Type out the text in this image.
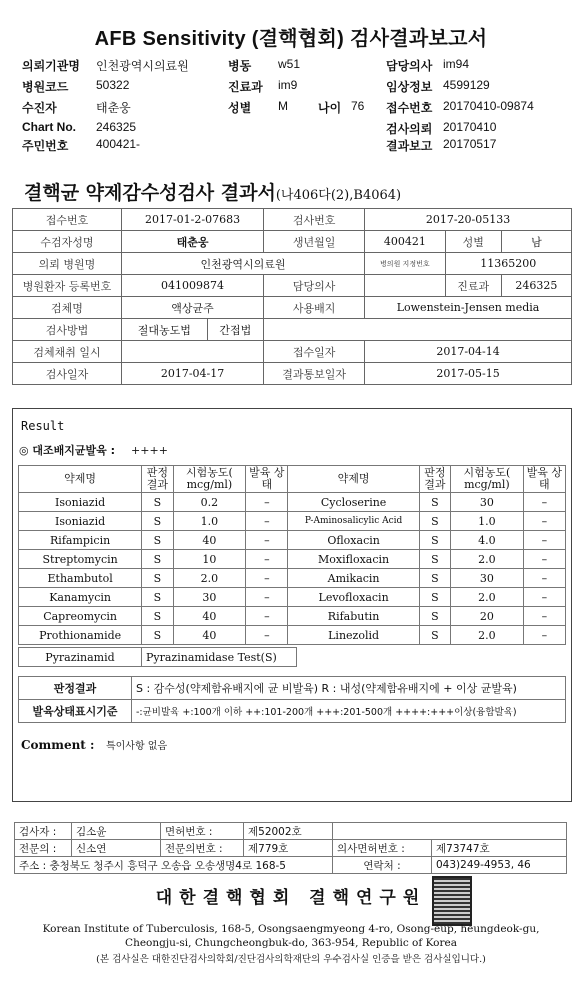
AFB Sensitivity (결핵협회) 검사결과보고서
의뢰기관명 인천광역시의료원
병원코드 50322
수진자	태춘웅
Chart No. 246325
주민번호 400421-
병동 w51
진료과 im9
성별 M	나이 76
담당의사 im94
임상정보 4599129
접수번호 20170410-09874
검사의뢰 20170410
결과보고 20170517
결핵균 약제감수성검사 결과서(나406다(2),B4064)
접수번호	2017-01-2-07683		검사번호	2017-20-05133		
수검자성명	태춘웅		생년월일	400421	성별	남
의뢰 병원명	인천광역시의료원			병의원 지정번호	11365200	
병원환자 등록번호	041009874		담당의사		진료과	246325
검체명	액상균주		사용배지	Lowenstein-Jensen media		
검사방법	절대농도법	간접법				
검체채취 일시			접수일자	2017-04-14		
검사일자	2017-04-17		결과통보일자	2017-05-15		
Result
◎ 대조배지균발육 : ++++
약제명	판정 결과	시험농도( mcg/ml)	발육 상태	약제명	판정 결과	시험농도( mcg/ml)	발육 상태
Isoniazid	S	0.2	–	Cycloserine	S	30	–
Isoniazid	S	1.0	–	P-Aminosalicylic Acid	S	1.0	–
Rifampicin	S	40	–	Ofloxacin	S	4.0	–
Streptomycin	S	10	–	Moxifloxacin	S	2.0	–
Ethambutol	S	2.0	–	Amikacin	S	30	–
Kanamycin	S	30	–	Levofloxacin	S	2.0	–
Capreomycin	S	40	–	Rifabutin	S	20	–
Prothionamide	S	40	–	Linezolid	S	2.0	–
Pyrazinamid	Pyrazinamidase Test(S)
판정결과	S : 감수성(약제함유배지에 균 비발육) R : 내성(약제함유배지에 + 이상 균발육)
발육상태표시기준	-:균비발육 +:100개 이하 ++:101-200개 +++:201-500개 ++++:+++이상(융합발육)
Comment : 특이사항 없음
검사자 :	김소윤	면허번호 :	제52002호		
전문의 :	신소연	전문의번호 :	제779호	의사면허번호 :	제73747호
주소 : 충청북도 청주시 흥덕구 오송읍 오송생명4로 168-5				연락처 :	043)249-4953, 46
대한결핵협회 결핵연구원
Korean Institute of Tuberculosis, 168-5, Osongsaengmyeong 4-ro, Osong-eup, heungdeok-gu,
Cheongju-si, Chungcheongbuk-do, 363-954, Republic of Korea
(본 검사실은 대한진단검사의학회/진단검사의학재단의 우수검사실 인증을 받은 검사실입니다.)
